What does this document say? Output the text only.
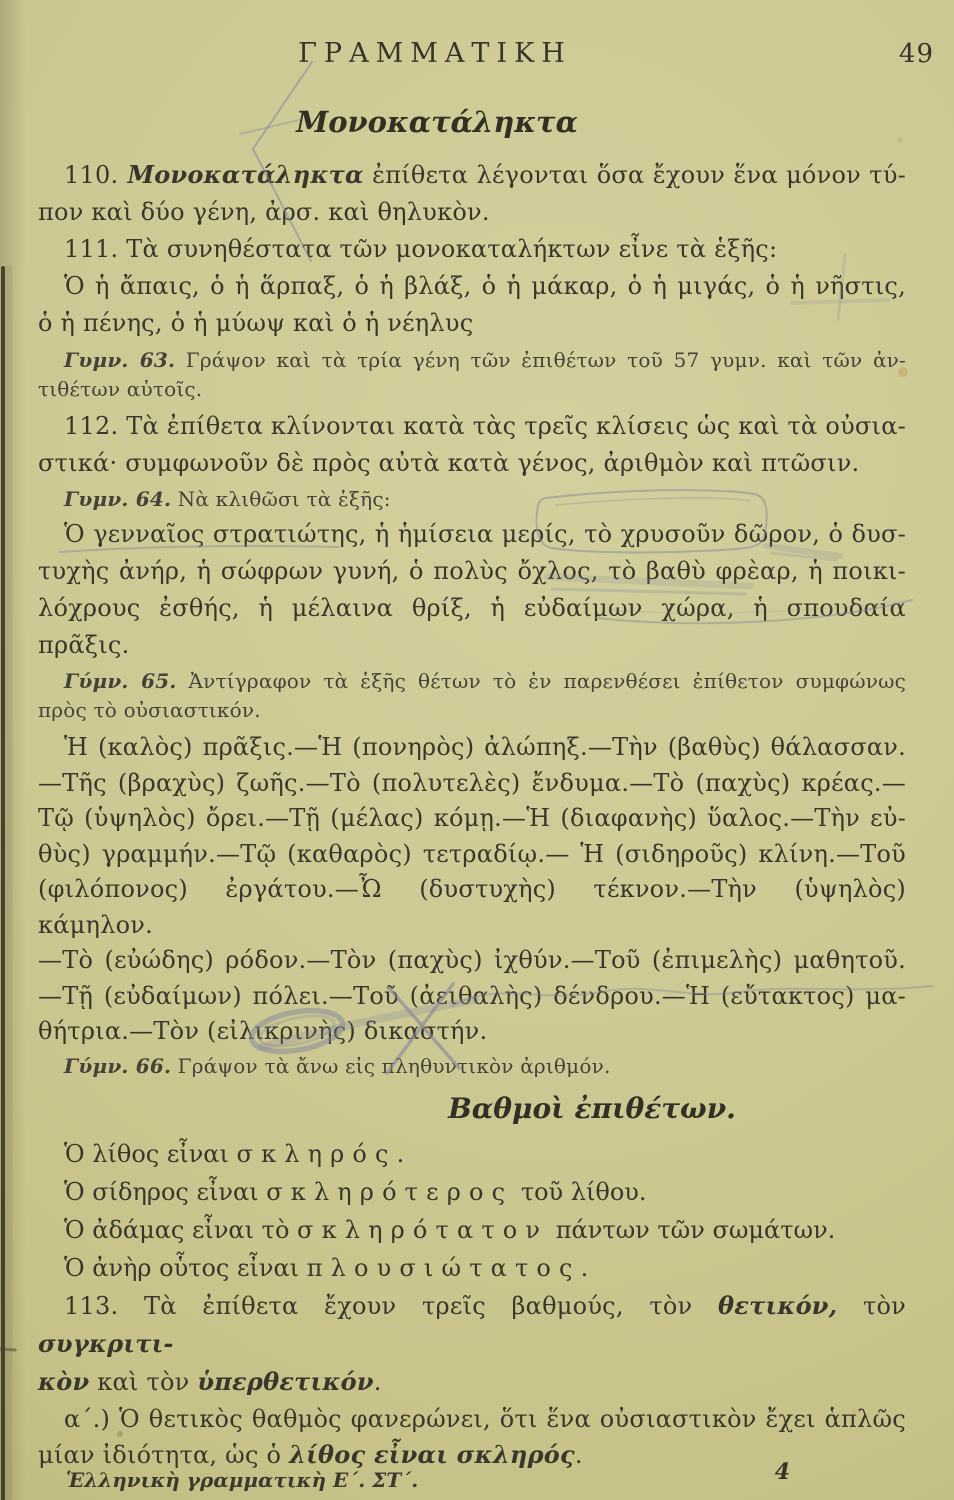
ΓΡΑΜΜΑΤΙΚΗ	49
Μονοκατάληκτα
110. Μονοκατάληκτα ἐπίθετα λέγονται ὅσα ἔχουν ἕνα μόνον τύ-
πον καὶ δύο γένη, ἀρσ. καὶ θηλυκὸν.
111. Τὰ συνηθέστατα τῶν μονοκαταλήκτων εἶνε τὰ ἑξῆς:
Ὁ ἡ ἄπαις, ὁ ἡ ἅρπαξ, ὁ ἡ βλάξ, ὁ ἡ μάκαρ, ὁ ἡ μιγάς, ὁ ἡ νῆστις,
ὁ ἡ πένης, ὁ ἡ μύωψ καὶ ὁ ἡ νέηλυς
Γυμν. 63. Γράψον καὶ τὰ τρία γένη τῶν ἐπιθέτων τοῦ 57 γυμν. καὶ τῶν ἀν-
τιθέτων αὐτοῖς.
112. Τὰ ἐπίθετα κλίνονται κατὰ τὰς τρεῖς κλίσεις ὡς καὶ τὰ οὐσια-
στικά· συμφωνοῦν δὲ πρὸς αὐτὰ κατὰ γένος, ἀριθμὸν καὶ πτῶσιν.
Γυμν. 64. Νὰ κλιθῶσι τὰ ἑξῆς:
Ὁ γενναῖος στρατιώτης, ἡ ἡμίσεια μερίς, τὸ χρυσοῦν δῶρον, ὁ δυσ-
τυχὴς ἀνήρ, ἡ σώφρων γυνή, ὁ πολὺς ὄχλος, τὸ βαθὺ φρὲαρ, ἡ ποικι-
λόχρους ἐσθής, ἡ μέλαινα θρίξ, ἡ εὐδαίμων χώρα, ἡ σπουδαία πρᾶξις.
Γύμν. 65. Ἀντίγραφον τὰ ἑξῆς θέτων τὸ ἐν παρενθέσει ἐπίθετον συμφώνως
πρὸς τὸ οὐσιαστικόν.
Ἡ (καλὸς) πρᾶξις.—Ἡ (πονηρὸς) ἀλώπηξ.—Τὴν (βαθὺς) θάλασσαν.
—Τῆς (βραχὺς) ζωῆς.—Τὸ (πολυτελὲς) ἔνδυμα.—Τὸ (παχὺς) κρέας.—
Τῷ (ὑψηλὸς) ὄρει.—Τῇ (μέλας) κόμῃ.—Ἡ (διαφανὴς) ὕαλος.—Τὴν εὐ-
θὺς) γραμμήν.—Τῷ (καθαρὸς) τετραδίῳ.— Ἡ (σιδηροῦς) κλίνη.—Τοῦ
(φιλόπονος) ἐργάτου.—Ὦ (δυστυχὴς) τέκνον.—Τὴν (ὑψηλὸς) κάμηλον.
—Τὸ (εὐώδης) ρόδον.—Τὸν (παχὺς) ἰχθύν.—Τοῦ (ἐπιμελὴς) μαθητοῦ.
—Τῇ (εὐδαίμων) πόλει.—Τοῦ (ἀειθαλὴς) δένδρου.—Ἡ (εὔτακτος) μα-
θήτρια.—Τὸν (εἰλικρινὴς) δικαστήν.
Γύμν. 66. Γράψον τὰ ἄνω εἰς πληθυντικὸν ἀριθμόν.
Βαθμοὶ ἐπιθέτων.
Ὁ λίθος εἶναι σκληρός.
Ὁ σίδηρος εἶναι σκληρότερος τοῦ λίθου.
Ὁ ἀδάμας εἶναι τὸ σκληρότατον πάντων τῶν σωμάτων.
Ὁ ἀνὴρ οὗτος εἶναι πλουσιώτατος.
113. Τὰ ἐπίθετα ἔχουν τρεῖς βαθμούς, τὸν θετικόν, τὸν συγκριτι-
κὸν καὶ τὸν ὑπερθετικόν.
α΄.) Ὁ θετικὸς θαθμὸς φανερώνει, ὅτι ἕνα οὐσιαστικὸν ἔχει ἁπλῶς
μίαν ἰδιότητα, ὡς ὁ λίθος εἶναι σκληρός.
Ἑλληνικὴ γραμματικὴ Ε΄. ΣΤ΄.	4
